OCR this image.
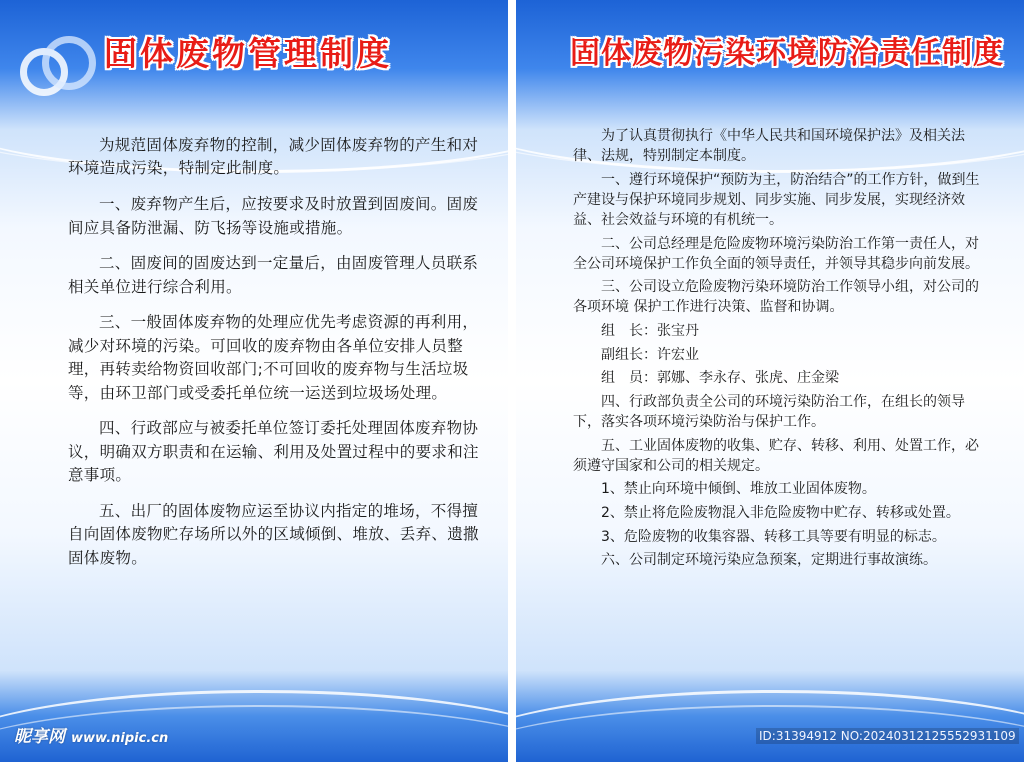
固体废物管理制度

为规范固体废弃物的控制，减少固体废弃物的产生和对环境造成污染，特制定此制度。

一、废弃物产生后，应按要求及时放置到固废间。固废间应具备防泄漏、防飞扬等设施或措施。

二、固废间的固废达到一定量后，由固废管理人员联系相关单位进行综合利用。

三、一般固体废弃物的处理应优先考虑资源的再利用，减少对环境的污染。可回收的废弃物由各单位安排人员整理，再转卖给物资回收部门;不可回收的废弃物与生活垃圾等，由环卫部门或受委托单位统一运送到垃圾场处理。

四、行政部应与被委托单位签订委托处理固体废弃物协议，明确双方职责和在运输、利用及处置过程中的要求和注意事项。

五、出厂的固体废物应运至协议内指定的堆场，不得擅自向固体废物贮存场所以外的区域倾倒、堆放、丢弃、遗撒固体废物。

昵享网 www.nipic.cn
固体废物污染环境防治责任制度

为了认真贯彻执行《中华人民共和国环境保护法》及相关法律、法规，特别制定本制度。

一、遵行环境保护“预防为主，防治结合”的工作方针，做到生产建设与保护环境同步规划、同步实施、同步发展，实现经济效益、社会效益与环境的有机统一。

二、公司总经理是危险废物环境污染防治工作第一责任人，对全公司环境保护工作负全面的领导责任，并领导其稳步向前发展。

三、公司设立危险废物污染环境防治工作领导小组，对公司的各项环境 保护工作进行决策、监督和协调。

组　长：张宝丹

副组长：许宏业

组　员：郭娜、李永存、张虎、庄金梁

四、行政部负责全公司的环境污染防治工作，在组长的领导下，落实各项环境污染防治与保护工作。

五、工业固体废物的收集、贮存、转移、利用、处置工作，必须遵守国家和公司的相关规定。

1、禁止向环境中倾倒、堆放工业固体废物。

2、禁止将危险废物混入非危险废物中贮存、转移或处置。

3、危险废物的收集容器、转移工具等要有明显的标志。

六、公司制定环境污染应急预案，定期进行事故演练。

ID:31394912 NO:20240312125552931109
